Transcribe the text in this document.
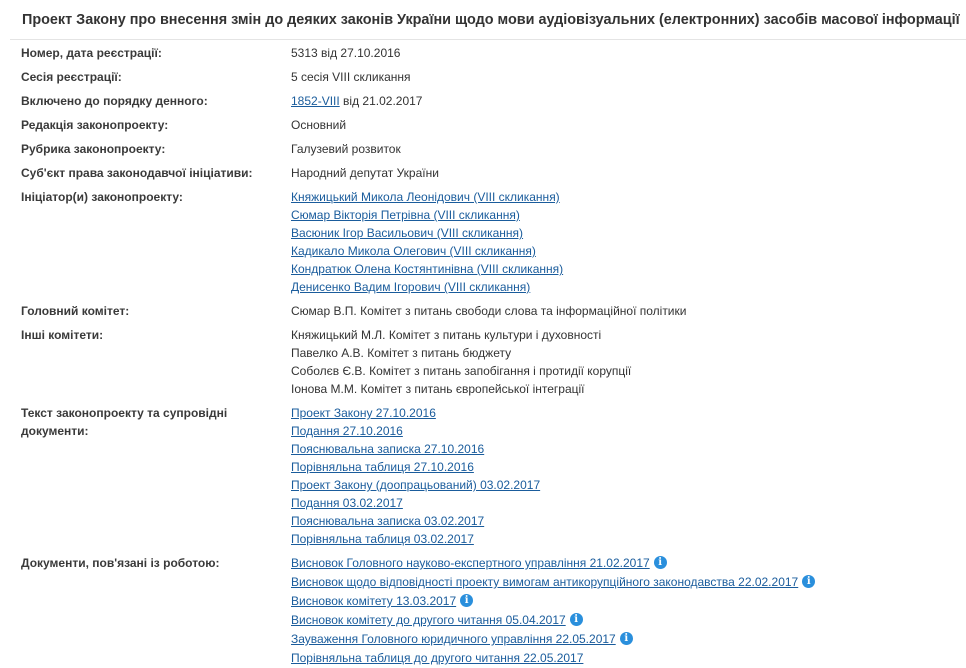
Проект Закону про внесення змін до деяких законів України щодо мови аудіовізуальних (електронних) засобів масової інформації
Номер, дата реєстрації:	5313 від 27.10.2016
Сесія реєстрації:	5 сесія VIII скликання
Включено до порядку денного:	1852-VIII від 21.02.2017
Редакція законопроекту:	Основний
Рубрика законопроекту:	Галузевий розвиток
Суб'єкт права законодавчої ініціативи:	Народний депутат України
Ініціатор(и) законопроекту:	Княжицький Микола Леонідович (VIII скликання)
Сюмар Вікторія Петрівна (VIII скликання)
Васюник Ігор Васильович (VIII скликання)
Кадикало Микола Олегович (VIII скликання)
Кондратюк Олена Костянтинівна (VIII скликання)
Денисенко Вадим Ігорович (VIII скликання)
Головний комітет:	Сюмар В.П. Комітет з питань свободи слова та інформаційної політики
Інші комітети:	Княжицький М.Л. Комітет з питань культури і духовності
Павелко А.В. Комітет з питань бюджету
Соболєв Є.В. Комітет з питань запобігання і протидії корупції
Іонова М.М. Комітет з питань європейської інтеграції
Текст законопроекту та супровідні
документи:
Проект Закону 27.10.2016
Подання 27.10.2016
Пояснювальна записка 27.10.2016
Порівняльна таблиця 27.10.2016
Проект Закону (доопрацьований) 03.02.2017
Подання 03.02.2017
Пояснювальна записка 03.02.2017
Порівняльна таблиця 03.02.2017
Документи, пов'язані із роботою:	Висновок Головного науково-експертного управління 21.02.2017 i
Висновок щодо відповідності проекту вимогам антикорупційного законодавства 22.02.2017 i
Висновок комітету 13.03.2017 i
Висновок комітету до другого читання 05.04.2017 i
Зауваження Головного юридичного управління 22.05.2017 i
Порівняльна таблиця до другого читання 22.05.2017
